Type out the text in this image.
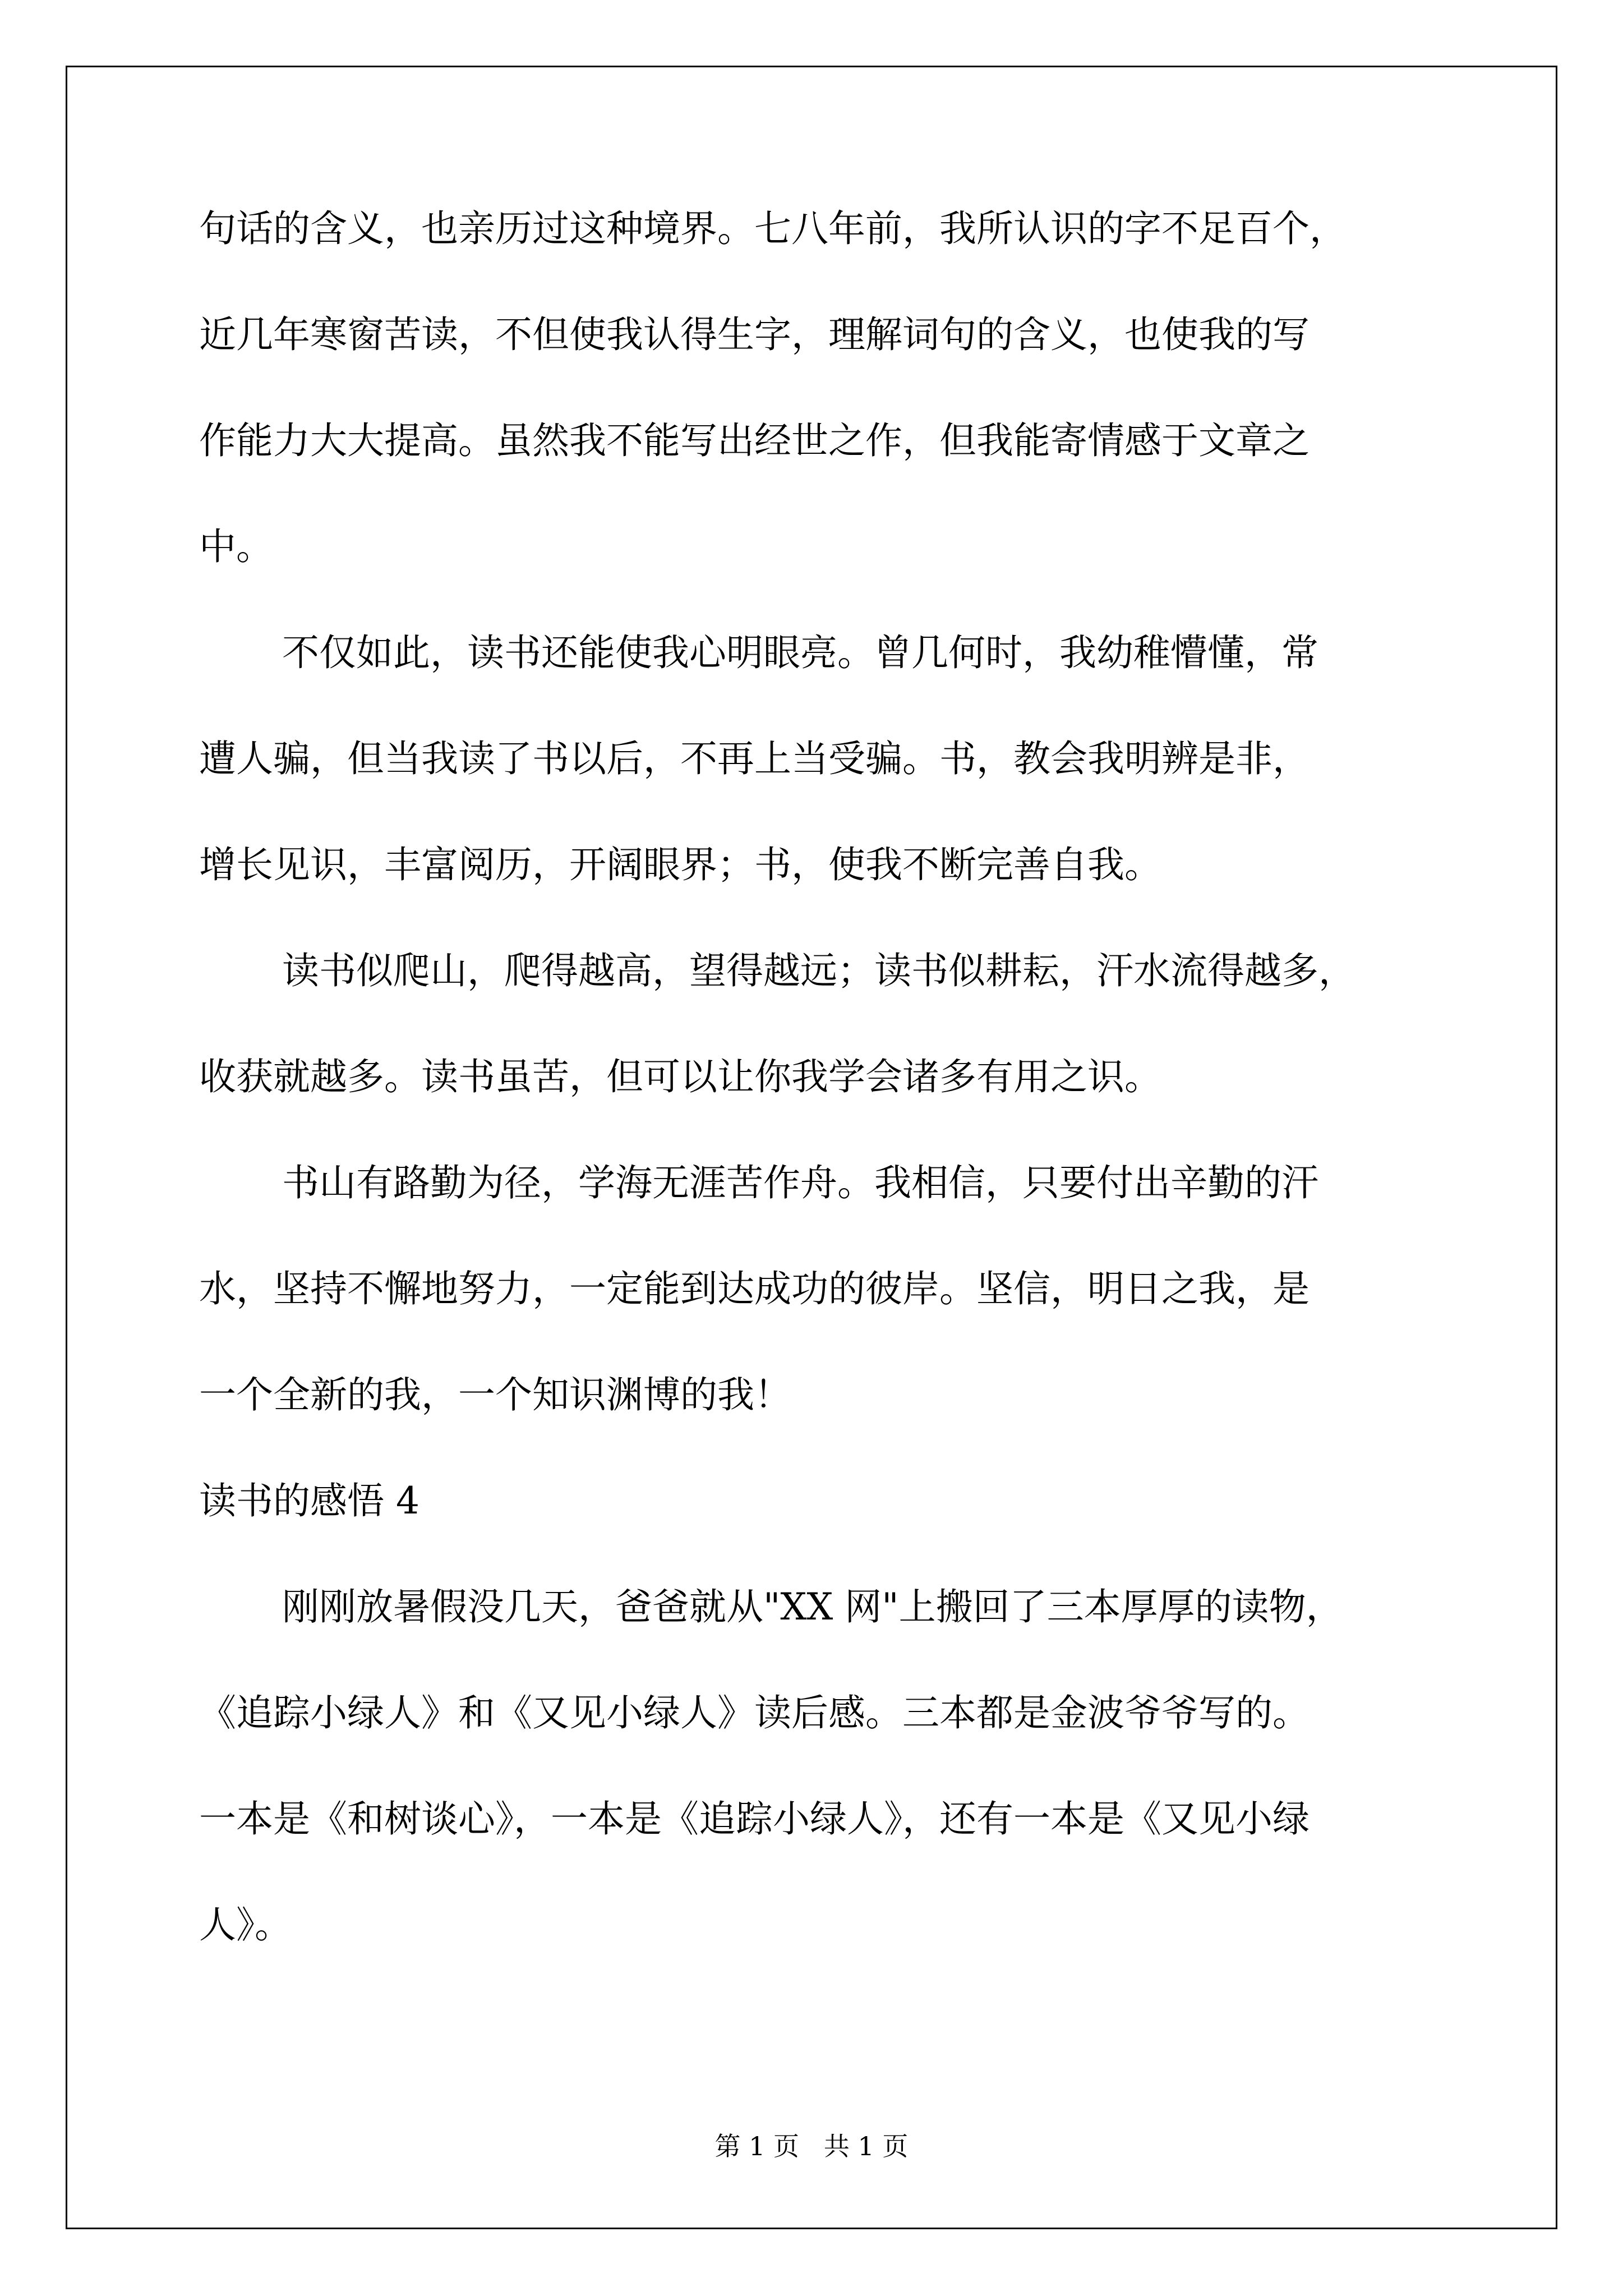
句话的含义，也亲历过这种境界。七八年前，我所认识的字不足百个，
近几年寒窗苦读，不但使我认得生字，理解词句的含义，也使我的写
作能力大大提高。虽然我不能写出经世之作，但我能寄情感于文章之
中。
不仅如此，读书还能使我心明眼亮。曾几何时，我幼稚懵懂，常
遭人骗，但当我读了书以后，不再上当受骗。书，教会我明辨是非，
增长见识，丰富阅历，开阔眼界；书，使我不断完善自我。
读书似爬山，爬得越高，望得越远；读书似耕耘，汗水流得越多，
收获就越多。读书虽苦，但可以让你我学会诸多有用之识。
书山有路勤为径，学海无涯苦作舟。我相信，只要付出辛勤的汗
水，坚持不懈地努力，一定能到达成功的彼岸。坚信，明日之我，是
一个全新的我，一个知识渊博的我！
读书的感悟 4
刚刚放暑假没几天，爸爸就从"XX 网"上搬回了三本厚厚的读物，
《追踪小绿人》和《又见小绿人》读后感。三本都是金波爷爷写的。
一本是《和树谈心》，一本是《追踪小绿人》，还有一本是《又见小绿
人》。
第 1 页   共 1 页
